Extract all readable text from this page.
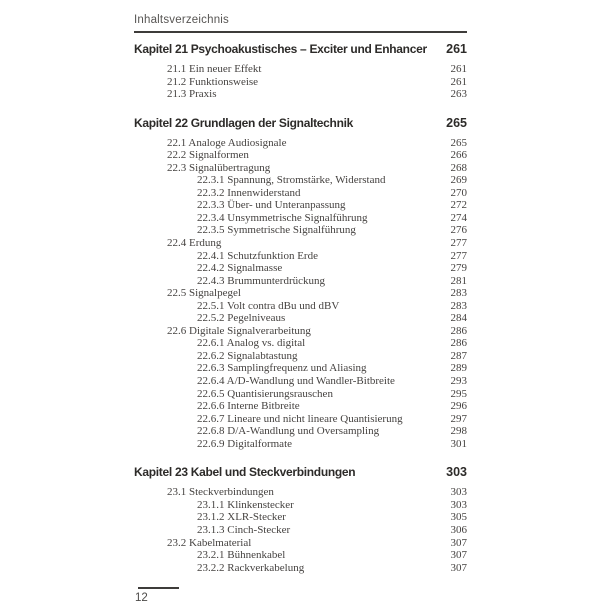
Inhaltsverzeichnis
Kapitel 21 Psychoakustisches – Exciter und Enhancer 261
21.1 Ein neuer Effekt	261
21.2 Funktionsweise	261
21.3 Praxis	263
Kapitel 22 Grundlagen der Signaltechnik	265
22.1 Analoge Audiosignale	265
22.2 Signalformen	266
22.3 Signalübertragung	268
22.3.1 Spannung, Stromstärke, Widerstand	269
22.3.2 Innenwiderstand	270
22.3.3 Über- und Unteranpassung	272
22.3.4 Unsymmetrische Signalführung	274
22.3.5 Symmetrische Signalführung	276
22.4 Erdung	277
22.4.1 Schutzfunktion Erde	277
22.4.2 Signalmasse	279
22.4.3 Brummunterdrückung	281
22.5 Signalpegel	283
22.5.1 Volt contra dBu und dBV	283
22.5.2 Pegelniveaus	284
22.6 Digitale Signalverarbeitung	286
22.6.1 Analog vs. digital	286
22.6.2 Signalabtastung	287
22.6.3 Samplingfrequenz und Aliasing	289
22.6.4 A/D-Wandlung und Wandler-Bitbreite	293
22.6.5 Quantisierungsrauschen	295
22.6.6 Interne Bitbreite	296
22.6.7 Lineare und nicht lineare Quantisierung	297
22.6.8 D/A-Wandlung und Oversampling	298
22.6.9 Digitalformate	301
Kapitel 23 Kabel und Steckverbindungen	303
23.1 Steckverbindungen	303
23.1.1 Klinkenstecker	303
23.1.2 XLR-Stecker	305
23.1.3 Cinch-Stecker	306
23.2 Kabelmaterial	307
23.2.1 Bühnenkabel	307
23.2.2 Rackverkabelung	307
12
